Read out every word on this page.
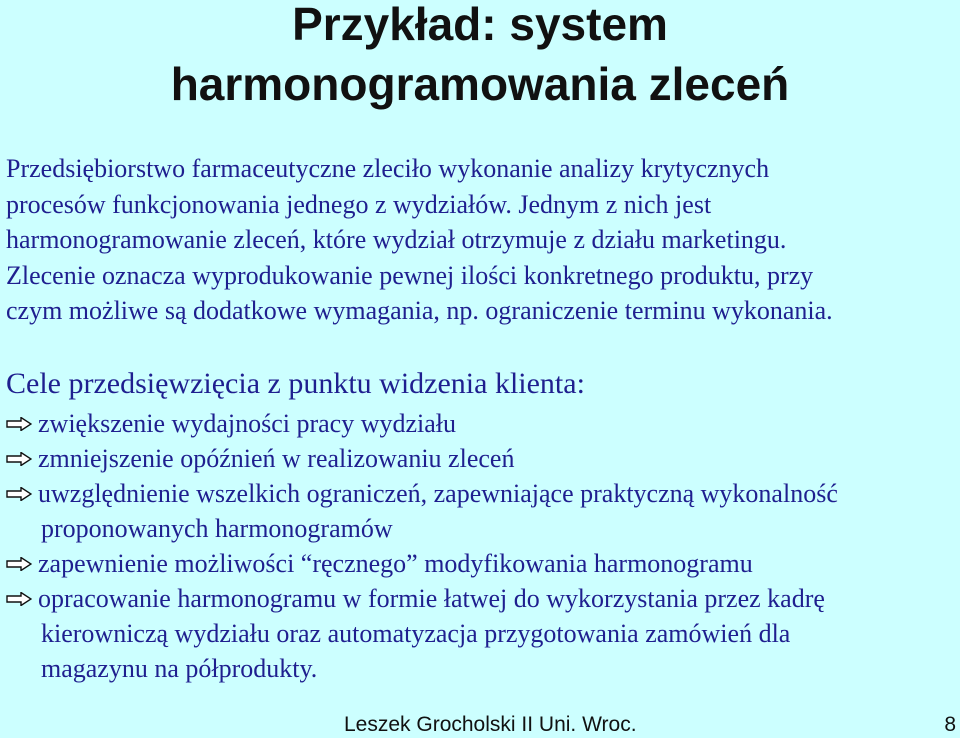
Przykład: system
harmonogramowania zleceń
Przedsiębiorstwo farmaceutyczne zleciło wykonanie analizy krytycznych
procesów funkcjonowania jednego z wydziałów. Jednym z nich jest
harmonogramowanie zleceń, które wydział otrzymuje z działu marketingu.
Zlecenie oznacza wyprodukowanie pewnej ilości konkretnego produktu, przy
czym możliwe są dodatkowe wymagania, np. ograniczenie terminu wykonania.
Cele przedsięwzięcia z punktu widzenia klienta:
zwiększenie wydajności pracy wydziału
zmniejszenie opóźnień w realizowaniu zleceń
uwzględnienie wszelkich ograniczeń, zapewniające praktyczną wykonalność
proponowanych harmonogramów
zapewnienie możliwości “ręcznego” modyfikowania harmonogramu
opracowanie harmonogramu w formie łatwej do wykorzystania przez kadrę
kierowniczą wydziału oraz automatyzacja przygotowania zamówień dla
magazynu na półprodukty.
Leszek Grocholski II Uni. Wroc.	8
